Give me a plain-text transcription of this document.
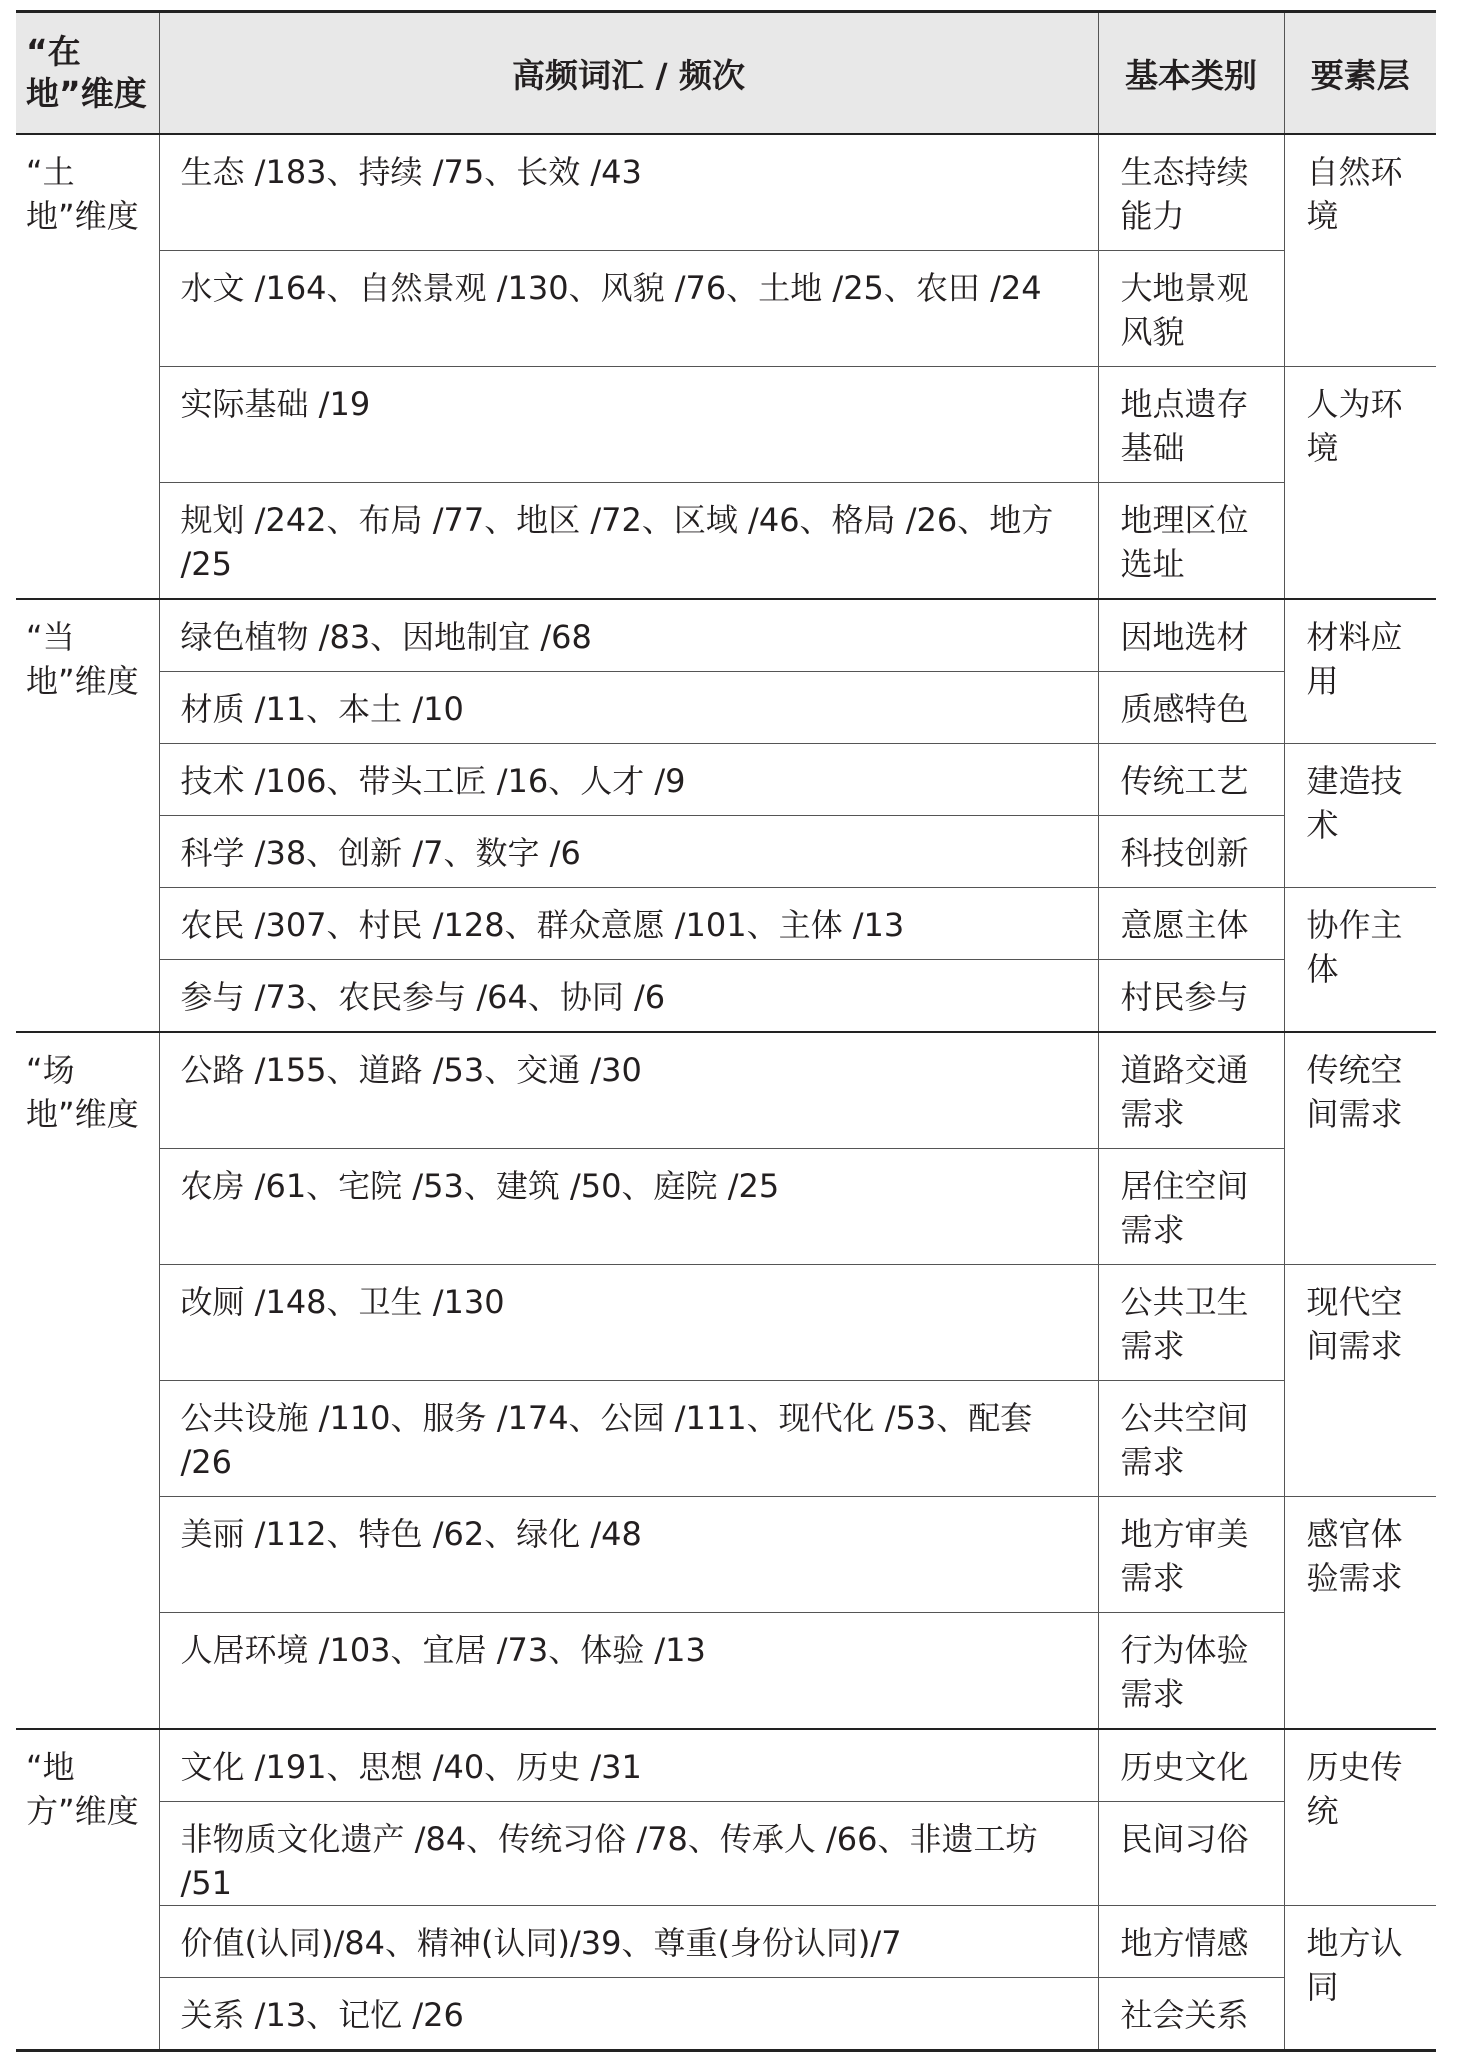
“在地”维度	高频词汇 / 频次	基本类别	要素层
“土地”维度	生态 /183、持续 /75、长效 /43	生态持续能力	自然环境
	水文 /164、自然景观 /130、风貌 /76、土地 /25、农田 /24	大地景观风貌	
	实际基础 /19	地点遗存基础	人为环境
	规划 /242、布局 /77、地区 /72、区域 /46、格局 /26、地方 /25	地理区位选址	
“当地”维度	绿色植物 /83、因地制宜 /68	因地选材	材料应用
	材质 /11、本土 /10	质感特色	
	技术 /106、带头工匠 /16、人才 /9	传统工艺	建造技术
	科学 /38、创新 /7、数字 /6	科技创新	
	农民 /307、村民 /128、群众意愿 /101、主体 /13	意愿主体	协作主体
	参与 /73、农民参与 /64、协同 /6	村民参与	
“场地”维度	公路 /155、道路 /53、交通 /30	道路交通需求	传统空间需求
	农房 /61、宅院 /53、建筑 /50、庭院 /25	居住空间需求	
	改厕 /148、卫生 /130	公共卫生需求	现代空间需求
	公共设施 /110、服务 /174、公园 /111、现代化 /53、配套 /26	公共空间需求	
	美丽 /112、特色 /62、绿化 /48	地方审美需求	感官体验需求
	人居环境 /103、宜居 /73、体验 /13	行为体验需求	
“地方”维度	文化 /191、思想 /40、历史 /31	历史文化	历史传统
	非物质文化遗产 /84、传统习俗 /78、传承人 /66、非遗工坊 /51	民间习俗	
	价值(认同)/84、精神(认同)/39、尊重(身份认同)/7	地方情感	地方认同
	关系 /13、记忆 /26	社会关系	
